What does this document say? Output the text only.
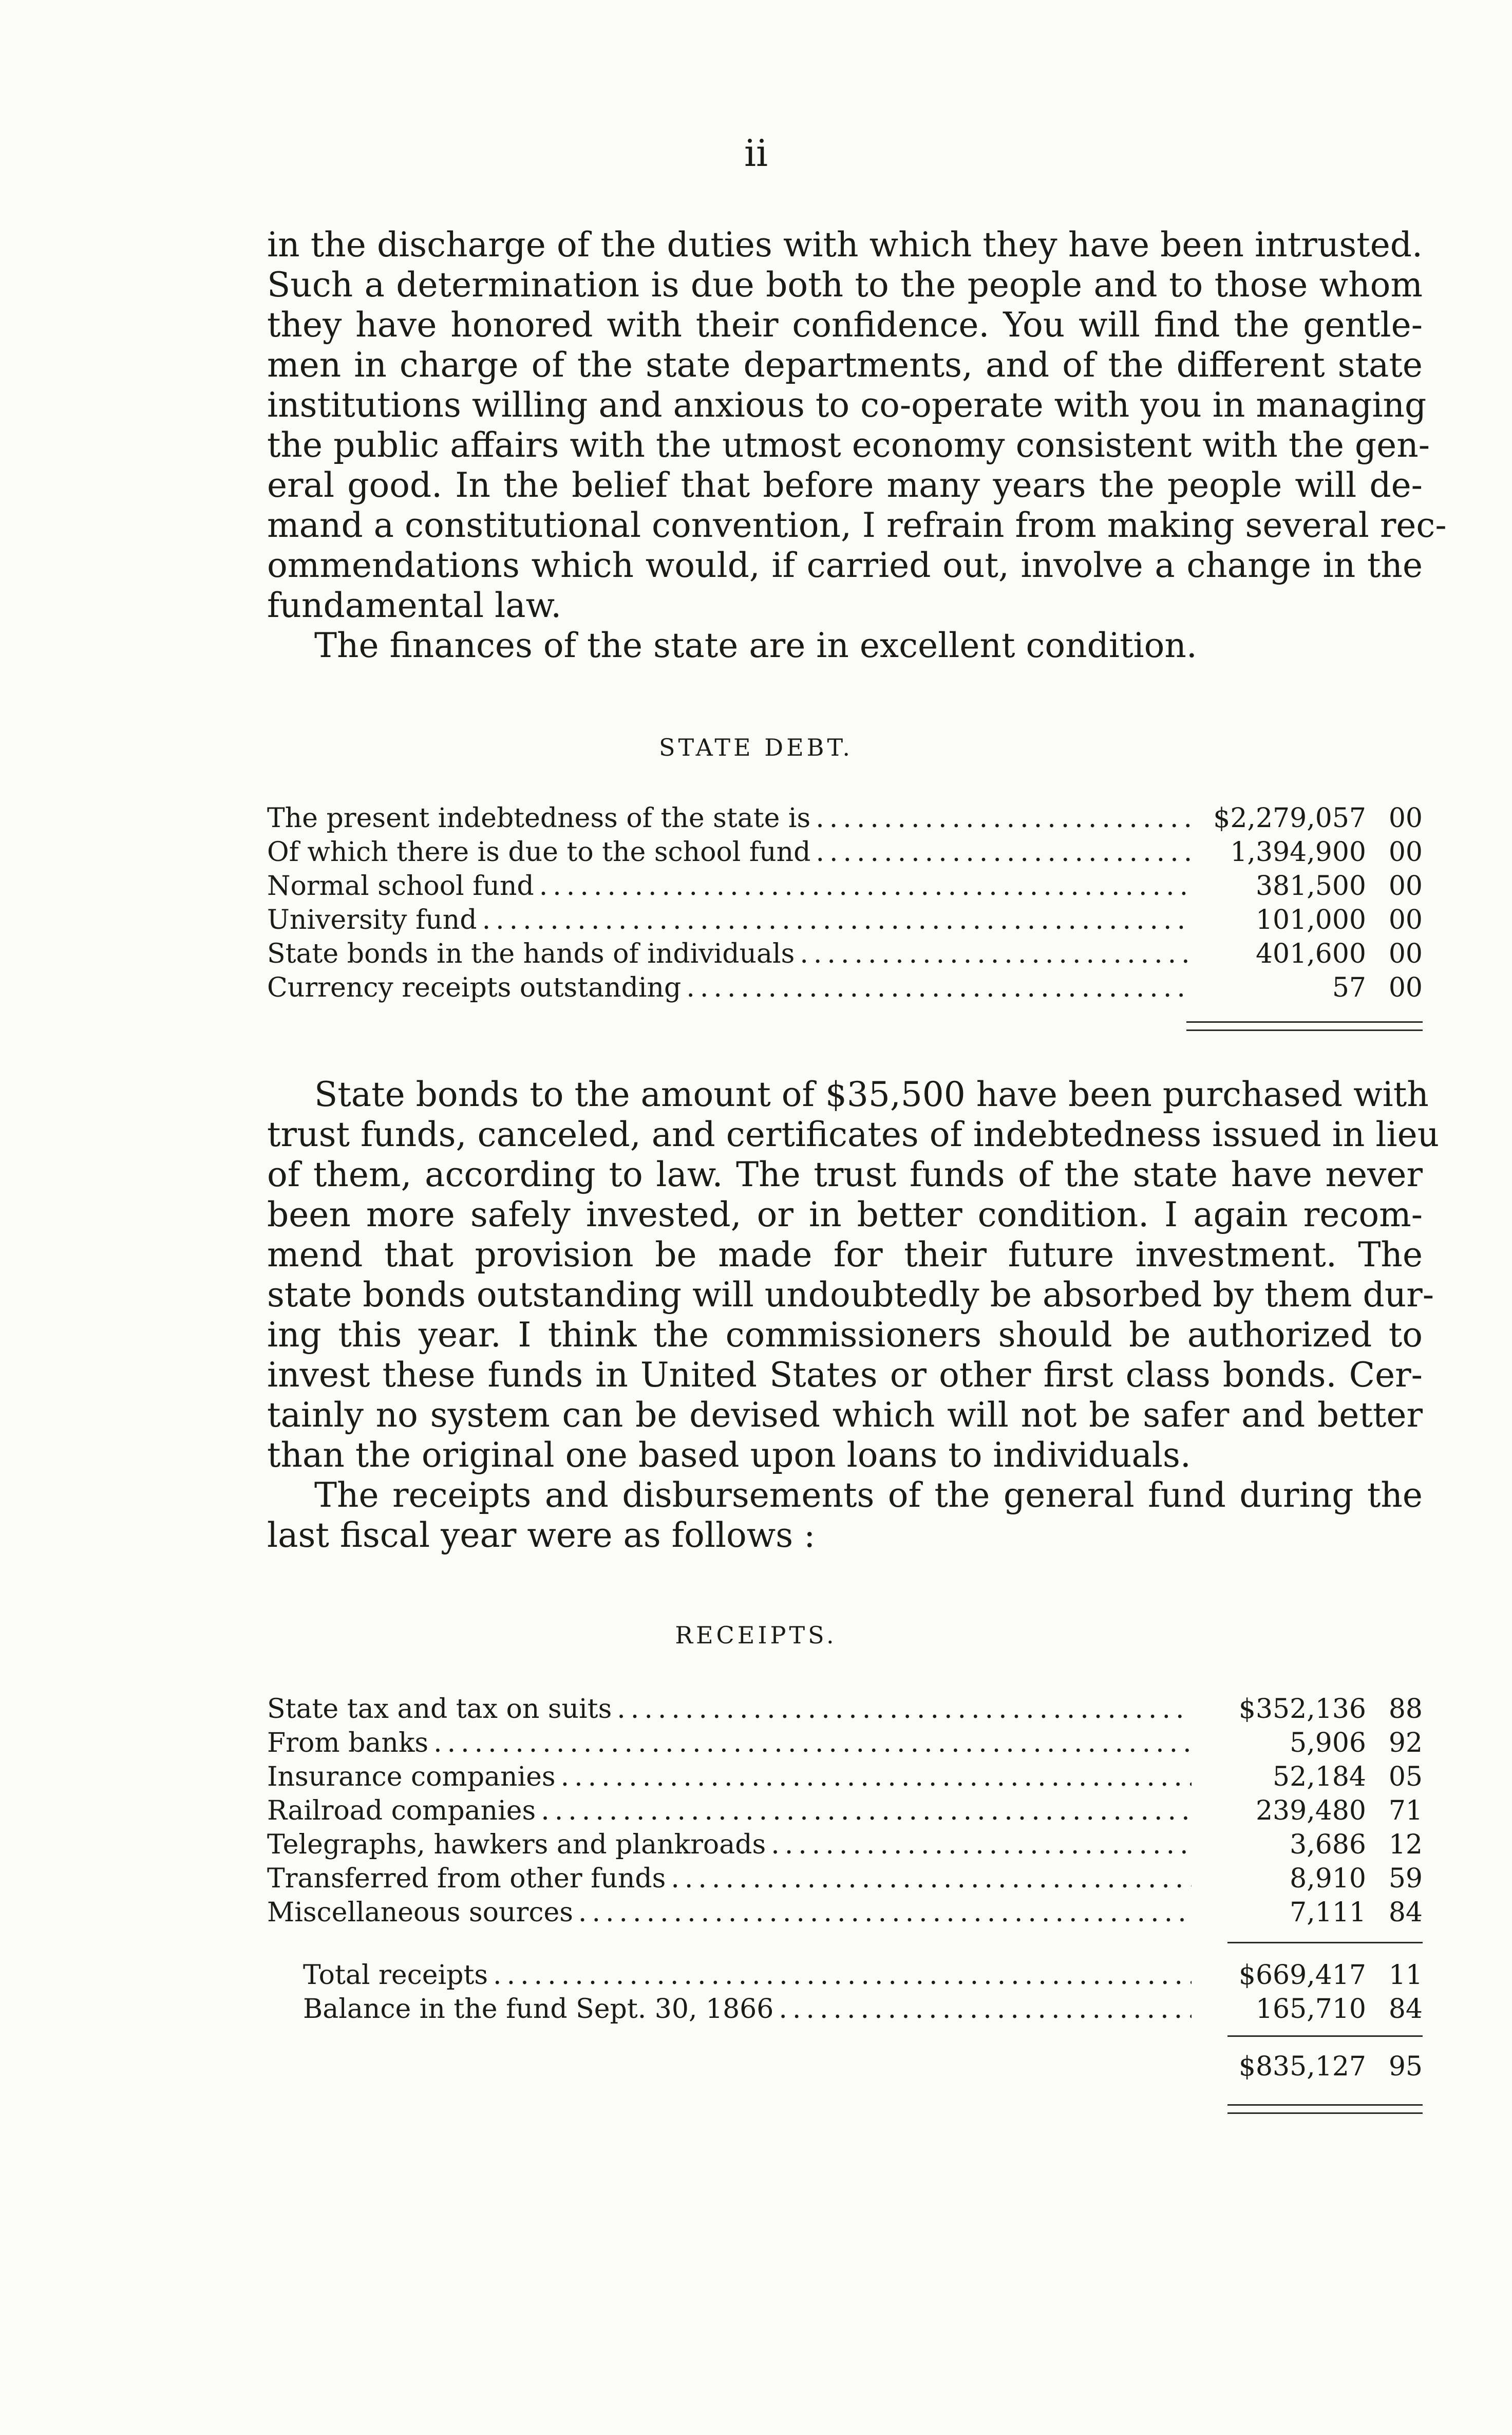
ii
in the discharge of the duties with which they have been intrusted.
Such a determination is due both to the people and to those whom
they have honored with their confidence. You will find the gentle-
men in charge of the state departments, and of the different state
institutions willing and anxious to co-operate with you in managing
the public affairs with the utmost economy consistent with the gen-
eral good. In the belief that before many years the people will de-
mand a constitutional convention, I refrain from making several rec-
ommendations which would, if carried out, involve a change in the
fundamental law.
The finances of the state are in excellent condition.
STATE DEBT.
The present indebtedness of the state is .....	$2,279,057 00
Of which there is due to the school fund .....	1,394,900 00
Normal school fund .....	381,500 00
University fund .....	101,000 00
State bonds in the hands of individuals .....	401,600 00
Currency receipts outstanding .....	57 00
State bonds to the amount of $35,500 have been purchased with
trust funds, canceled, and certificates of indebtedness issued in lieu
of them, according to law. The trust funds of the state have never
been more safely invested, or in better condition. I again recom-
mend that provision be made for their future investment. The
state bonds outstanding will undoubtedly be absorbed by them dur-
ing this year. I think the commissioners should be authorized to
invest these funds in United States or other first class bonds. Cer-
tainly no system can be devised which will not be safer and better
than the original one based upon loans to individuals.
The receipts and disbursements of the general fund during the
last fiscal year were as follows :
RECEIPTS.
State tax and tax on suits .....	$352,136 88
From banks .....	5,906 92
Insurance companies .....	52,184 05
Railroad companies .....	239,480 71
Telegraphs, hawkers and plankroads .....	3,686 12
Transferred from other funds .....	8,910 59
Miscellaneous sources .....	7,111 84
Total receipts .....	$669,417 11
Balance in the fund Sept. 30, 1866 .....	165,710 84
$835,127 95
